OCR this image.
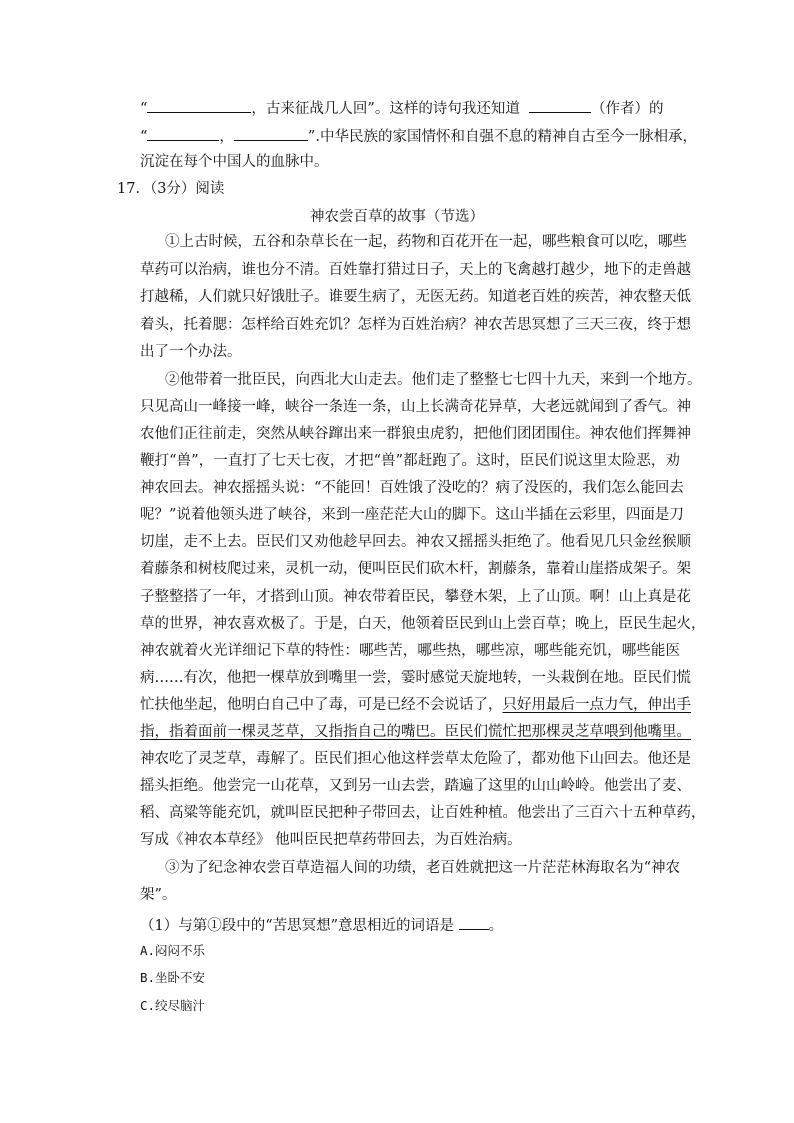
“	，古来征战几人回”。这样的诗句我还知道	（作者）的
“	，	”.中华民族的家国情怀和自强不息的精神自古至今一脉相承，
沉淀在每个中国人的血脉中。
17．（3分）阅读
神农尝百草的故事（节选）
①上古时候，五谷和杂草长在一起，药物和百花开在一起，哪些粮食可以吃，哪些
草药可以治病，谁也分不清。百姓靠打猎过日子，天上的飞禽越打越少，地下的走兽越
打越稀，人们就只好饿肚子。谁要生病了，无医无药。知道老百姓的疾苦，神农整天低
着头，托着腮：怎样给百姓充饥？怎样为百姓治病？神农苦思冥想了三天三夜，终于想
出了一个办法。
②他带着一批臣民，向西北大山走去。他们走了整整七七四十九天，来到一个地方。
只见高山一峰接一峰，峡谷一条连一条，山上长满奇花异草，大老远就闻到了香气。神
农他们正往前走，突然从峡谷蹿出来一群狼虫虎豹，把他们团团围住。神农他们挥舞神
鞭打“兽”，一直打了七天七夜，才把“兽”都赶跑了。这时，臣民们说这里太险恶，劝
神农回去。神农摇摇头说：“不能回！百姓饿了没吃的？病了没医的，我们怎么能回去
呢？”说着他领头进了峡谷，来到一座茫茫大山的脚下。这山半插在云彩里，四面是刀
切崖，走不上去。臣民们又劝他趁早回去。神农又摇摇头拒绝了。他看见几只金丝猴顺
着藤条和树枝爬过来，灵机一动，便叫臣民们砍木杆，割藤条，靠着山崖搭成架子。架
子整整搭了一年，才搭到山顶。神农带着臣民，攀登木架，上了山顶。啊！山上真是花
草的世界，神农喜欢极了。于是，白天，他领着臣民到山上尝百草；晚上，臣民生起火，
神农就着火光详细记下草的特性：哪些苦，哪些热，哪些凉，哪些能充饥，哪些能医
病……有次，他把一棵草放到嘴里一尝，霎时感觉天旋地转，一头栽倒在地。臣民们慌
忙扶他坐起，他明白自己中了毒，可是已经不会说话了，只好用最后一点力气，伸出手
指，指着面前一棵灵芝草，又指指自己的嘴巴。臣民们慌忙把那棵灵芝草喂到他嘴里。
神农吃了灵芝草，毒解了。臣民们担心他这样尝草太危险了，都劝他下山回去。他还是
摇头拒绝。他尝完一山花草，又到另一山去尝，踏遍了这里的山山岭岭。他尝出了麦、
稻、高粱等能充饥，就叫臣民把种子带回去，让百姓种植。他尝出了三百六十五种草药，
写成《神农本草经》 他叫臣民把草药带回去，为百姓治病。
③为了纪念神农尝百草造福人间的功绩，老百姓就把这一片茫茫林海取名为“神农
架”。
（1）与第①段中的“苦思冥想”意思相近的词语是 。
A.闷闷不乐
B.坐卧不安
C.绞尽脑汁
